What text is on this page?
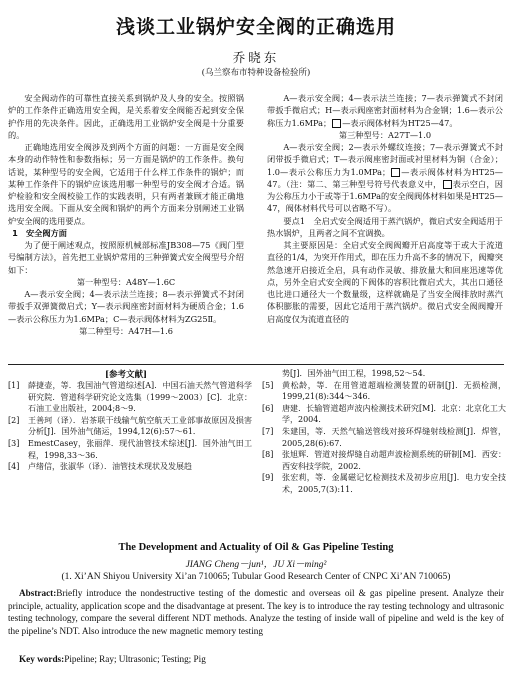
浅谈工业锅炉安全阀的正确选用
乔晓东
(乌兰察布市特种设备检验所)

安全阀动作的可靠性直接关系到锅炉及人身的安全。按照锅炉的工作条件正确选用安全阀，是关系着安全阀能否起到安全保护作用的先决条件。因此，正确选用工业锅炉安全阀是十分重要的。

正确地选用安全阀涉及到两个方面的问题：一方面是安全阀本身的动作特性和参数指标；另一方面是锅炉的工作条件。换句话说，某种型号的安全阀，它适用于什么样工作条件的锅炉；而某种工作条件下的锅炉应该选用哪一种型号的安全阀才合适。锅炉检验和安全阀校验工作的实践表明，只有两者兼顾才能正确地选用安全阀。下面从安全阀和锅炉的两个方面来分别阐述工业锅炉安全阀的选用要点。

1　安全阀方面

为了便于阐述观点，按照原机械部标准JB308—75《阀门型号编制方法》，首先把工业锅炉常用的三种弹簧式安全阀型号介绍如下：

第一种型号：A48Y—1.6C

A—表示安全阀；4—表示法兰连接；8—表示弹簧式不封闭带扳手双弹簧微启式；Y—表示阀座密封面材料为硬质合金；1.6—表示公称压力为1.6MPa；C—表示阀体材料为ZG25Ⅱ。

第二种型号：A47H—1.6

A—表示安全阀；4—表示法兰连接；7—表示弹簧式不封闭带扳手微启式；H—表示阀座密封面材料为合金钢；1.6—表示公称压力1.6MPa； —表示阀体材料为HT25—47。

第三种型号：A27T—1.0

A—表示安全阀；2—表示外螺纹连接；7—表示弹簧式不封闭带扳手微启式；T—表示阀座密封面或衬里材料为铜（合金）；1.0—表示公称压力为1.0MPa； —表示阀体材料为HT25—47。（注：第二、第三种型号符号代表意义中， 表示空白，因为公称压力小于或等于1.6MPa的安全阀阀体材料如果是HT25—47，阀体材料代号可以省略不写）。

要点1　全启式安全阀适用于蒸汽锅炉，微启式安全阀适用于热水锅炉，且两者之间不宜调换。

其主要原因是：全启式安全阀阀瓣开启高度等于或大于流道直径的1/4，为突开作用式，即在压力升高不多的情况下，阀瓣突然急速开启接近全启，具有动作灵敏、排放量大和回座迅速等优点，另外全启式安全阀的下阀体的容积比微启式大，其出口通径也比进口通径大一个数量级，这样就确是了当安全阀排放时蒸汽体积膨胀的需要，因此它适用于蒸汽锅炉。微启式安全阀阀瓣开启高度仅为流道直径的

[参考文献]
[1]	薛捷壶，等．我国油气管道综述[A]．中国石油天然气管道科学研究院．管道科学研究论文选集（1999～2003）[C]．北京：石油工业出版社，2004;8～9．
[2]	王善珂（译）．岩茶联干线输气航空航天工业部事故原因及损害分析[J]．国外油气储运，1994,12(6):57～61．
[3]	EmestCasey，张丽萍．现代油管技术综述[J]．国外油气田工程，1998,33～36．
[4]	卢绪信，张淑华（译）．油管技术现状及发展趋
势[J]．国外油气田工程，1998,52～54．
[5]	黄松龄，等．在用管道超端检测装置的研制[J]．无损检测，1999,21(8):344～346．
[6]	唐建．长输管道超声波内检测技术研究[M]．北京：北京化工大学，2004．
[7]	朱建国，等．天然气输送管线对接环焊缝射线检测[J]．焊管，2005,28(6):67．
[8]	张旭辉．管道对接焊缝自动超声波检测系统的研制[M]．西安：西安科技学院，2002．
[9]	张宏莉，等．金属磁记忆检测技术及初步应用[J]．电力安全技术，2005,7(3):11．
The Development and Actuality of Oil & Gas Pipeline Testing
JIANG Cheng－jun¹，JU Xi－ming²
(1. Xi’AN Shiyou University Xi’an 710065; Tubular Good Research Center of CNPC Xi’AN 710065)

Abstract:Briefly introduce the nondestructive testing of the domestic and overseas oil & gas pipeline present. Analyze their principle, actuality, application scope and the disadvantage at present. The key is to introduce the ray testing technology and ultrasonic testing technology, compare the several different NDT methods. Analyze the testing of inside wall of pipeline and weld is the key of the pipeline’s NDT. Also introduce the new magnetic memory testing

Key words:Pipeline; Ray; Ultrasonic; Testing; Pig
